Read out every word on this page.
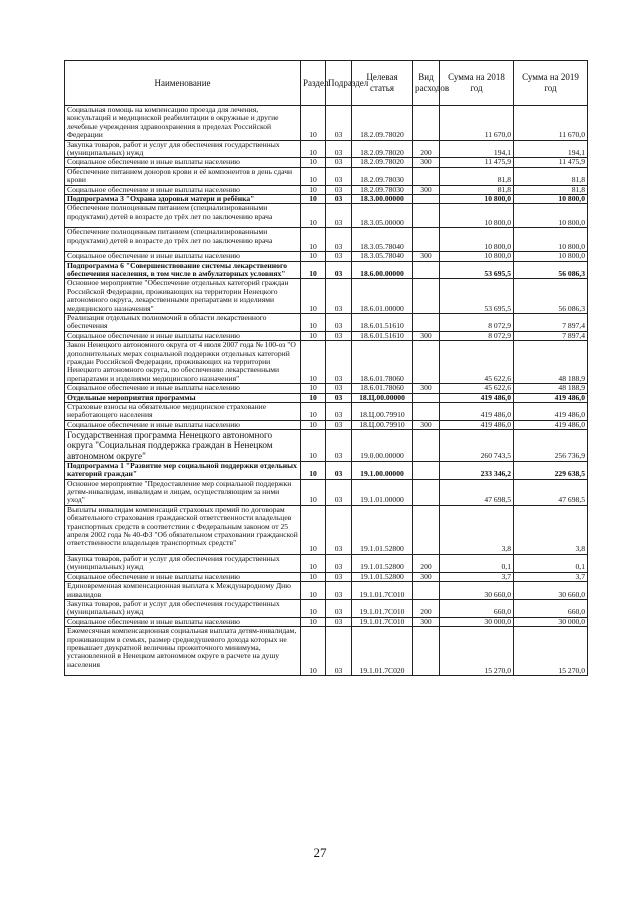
Наименование	Раздел	Подраздел	Целевая статья	Вид расходов	Сумма на 2018 год	Сумма на 2019 год
Социальная помощь на компенсацию проезда для лечения, консультаций и медицинской реабилитации в окружные и другие лечебные учреждения здравоохранения в пределах Российской Федерации	10	03	18.2.09.78020		11 670,0	11 670,0
Закупка товаров, работ и услуг для обеспечения государственных (муниципальных) нужд	10	03	18.2.09.78020	200	194,1	194,1
Социальное обеспечение и иные выплаты населению	10	03	18.2.09.78020	300	11 475,9	11 475,9
Обеспечение питанием доноров крови и её компонентов в день сдачи крови	10	03	18.2.09.78030		81,8	81,8
Социальное обеспечение и иные выплаты населению	10	03	18.2.09.78030	300	81,8	81,8
Подпрограмма 3 "Охрана здоровья матери и ребёнка"	10	03	18.3.00.00000		10 800,0	10 800,0
Обеспечение полноценным питанием (специализированными продуктами) детей в возрасте до трёх лет по заключению врача	10	03	18.3.05.00000		10 800,0	10 800,0
Обеспечение полноценным питанием (специализированными продуктами) детей в возрасте до трёх лет по заключению врача	10	03	18.3.05.78040		10 800,0	10 800,0
Социальное обеспечение и иные выплаты населению	10	03	18.3.05.78040	300	10 800,0	10 800,0
Подпрограмма 6 "Совершенствование системы лекарственного обеспечения населения, в том числе в амбулаторных условиях"	10	03	18.6.00.00000		53 695,5	56 086,3
Основное мероприятие "Обеспечение отдельных категорий граждан Российской Федерации, проживающих на территории Ненецкого автономного округа, лекарственными препаратами и изделиями медицинского назначения"	10	03	18.6.01.00000		53 695,5	56 086,3
Реализация отдельных полномочий в области лекарственного обеспечения	10	03	18.6.01.51610		8 072,9	7 897,4
Социальное обеспечение и иные выплаты населению	10	03	18.6.01.51610	300	8 072,9	7 897,4
Закон Ненецкого автономного округа от 4 июля 2007 года № 100-оз "О дополнительных мерах социальной поддержки отдельных категорий граждан Российской Федерации, проживающих на территории Ненецкого автономного округа, по обеспечению лекарственными препаратами и изделиями медицинского назначения"	10	03	18.6.01.78060		45 622,6	48 188,9
Социальное обеспечение и иные выплаты населению	10	03	18.6.01.78060	300	45 622,6	48 188,9
Отдельные мероприятия программы	10	03	18.Ц.00.00000		419 486,0	419 486,0
Страховые взносы на обязательное медицинское страхование неработающего населения	10	03	18.Ц.00.79910		419 486,0	419 486,0
Социальное обеспечение и иные выплаты населению	10	03	18.Ц.00.79910	300	419 486,0	419 486,0
Государственная программа Ненецкого автономного округа "Социальная поддержка граждан в Ненецком автономном округе"	10	03	19.0.00.00000		260 743,5	256 736,9
Подпрограмма 1 "Развитие мер социальной поддержки отдельных категорий граждан"	10	03	19.1.00.00000		233 346,2	229 638,5
Основное мероприятие "Предоставление мер социальной поддержки детям-инвалидам, инвалидам и лицам, осуществляющим за ними уход"	10	03	19.1.01.00000		47 698,5	47 698,5
Выплаты инвалидам компенсаций страховых премий по договорам обязательного страхования гражданской ответственности владельцев транспортных средств в соответствии с Федеральным законом от 25 апреля 2002 года № 40-ФЗ "Об обязательном страховании гражданской ответственности владельцев транспортных средств"	10	03	19.1.01.52800		3,8	3,8
Закупка товаров, работ и услуг для обеспечения государственных (муниципальных) нужд	10	03	19.1.01.52800	200	0,1	0,1
Социальное обеспечение и иные выплаты населению	10	03	19.1.01.52800	300	3,7	3,7
Единовременная компенсационная выплата к Международному Дню инвалидов	10	03	19.1.01.7С010		30 660,0	30 660,0
Закупка товаров, работ и услуг для обеспечения государственных (муниципальных) нужд	10	03	19.1.01.7С010	200	660,0	660,0
Социальное обеспечение и иные выплаты населению	10	03	19.1.01.7С010	300	30 000,0	30 000,0
Ежемесячная компенсационная социальная выплата детям-инвалидам, проживающим в семьях, размер среднедушевого дохода которых не превышает двукратной величины прожиточного минимума, установленной в Ненецком автономном округе в расчете на душу населения	10	03	19.1.01.7С020		15 270,0	15 270,0
27
